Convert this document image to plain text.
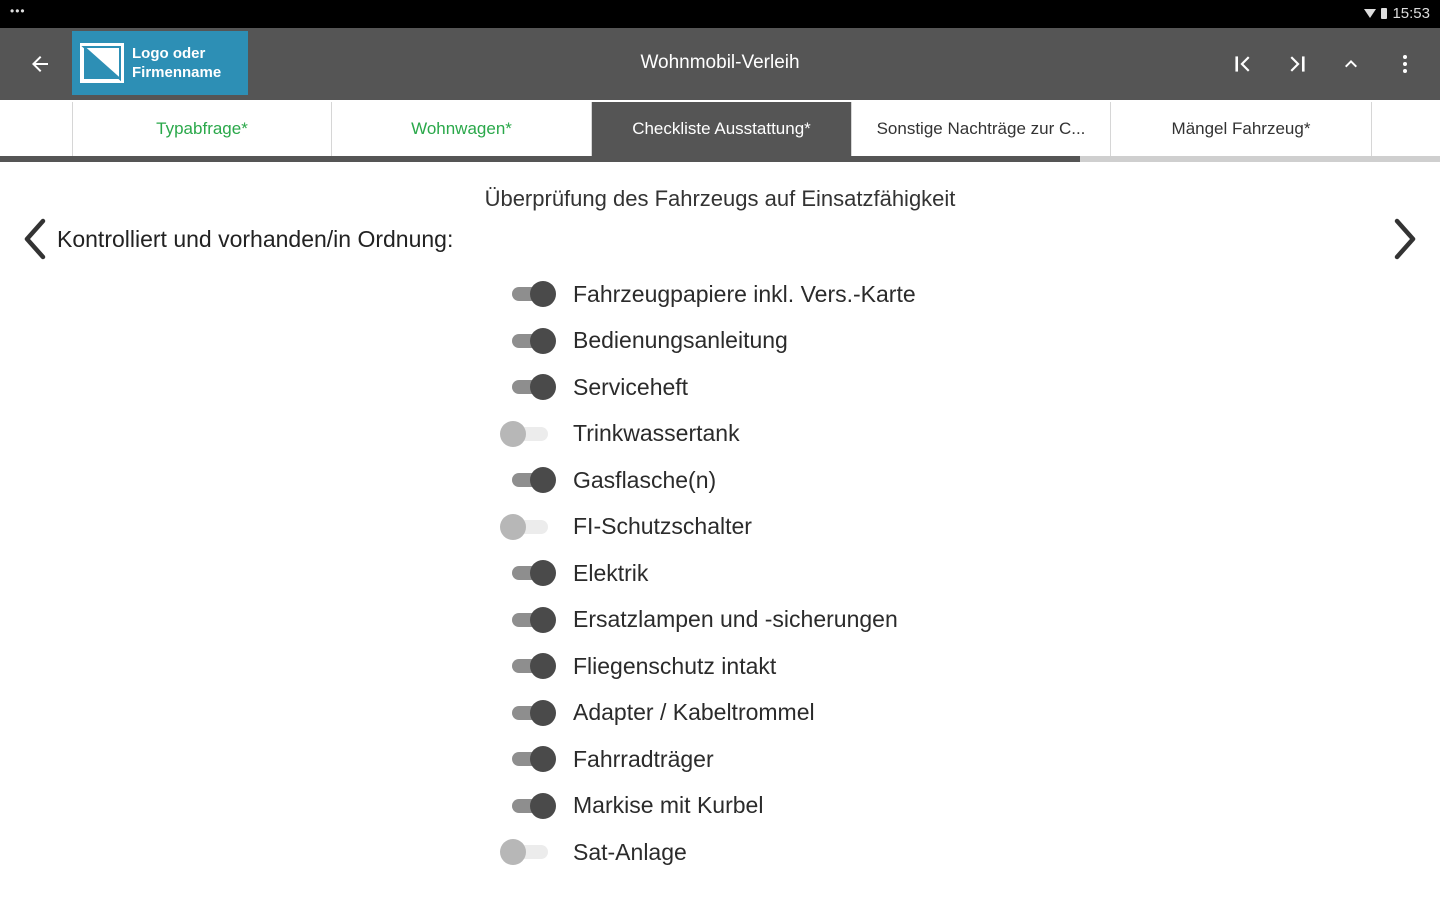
•••	15:53
Logo oder
Firmenname	Wohnmobil-Verleih
Typabfrage*	Wohnwagen*	Checkliste Ausstattung*	Sonstige Nachträge zur C...	Mängel Fahrzeug*
Überprüfung des Fahrzeugs auf Einsatzfähigkeit
Kontrolliert und vorhanden/in Ordnung:
Fahrzeugpapiere inkl. Vers.-Karte
Bedienungsanleitung
Serviceheft
Trinkwassertank
Gasflasche(n)
FI-Schutzschalter
Elektrik
Ersatzlampen und -sicherungen
Fliegenschutz intakt
Adapter / Kabeltrommel
Fahrradträger
Markise mit Kurbel
Sat-Anlage
